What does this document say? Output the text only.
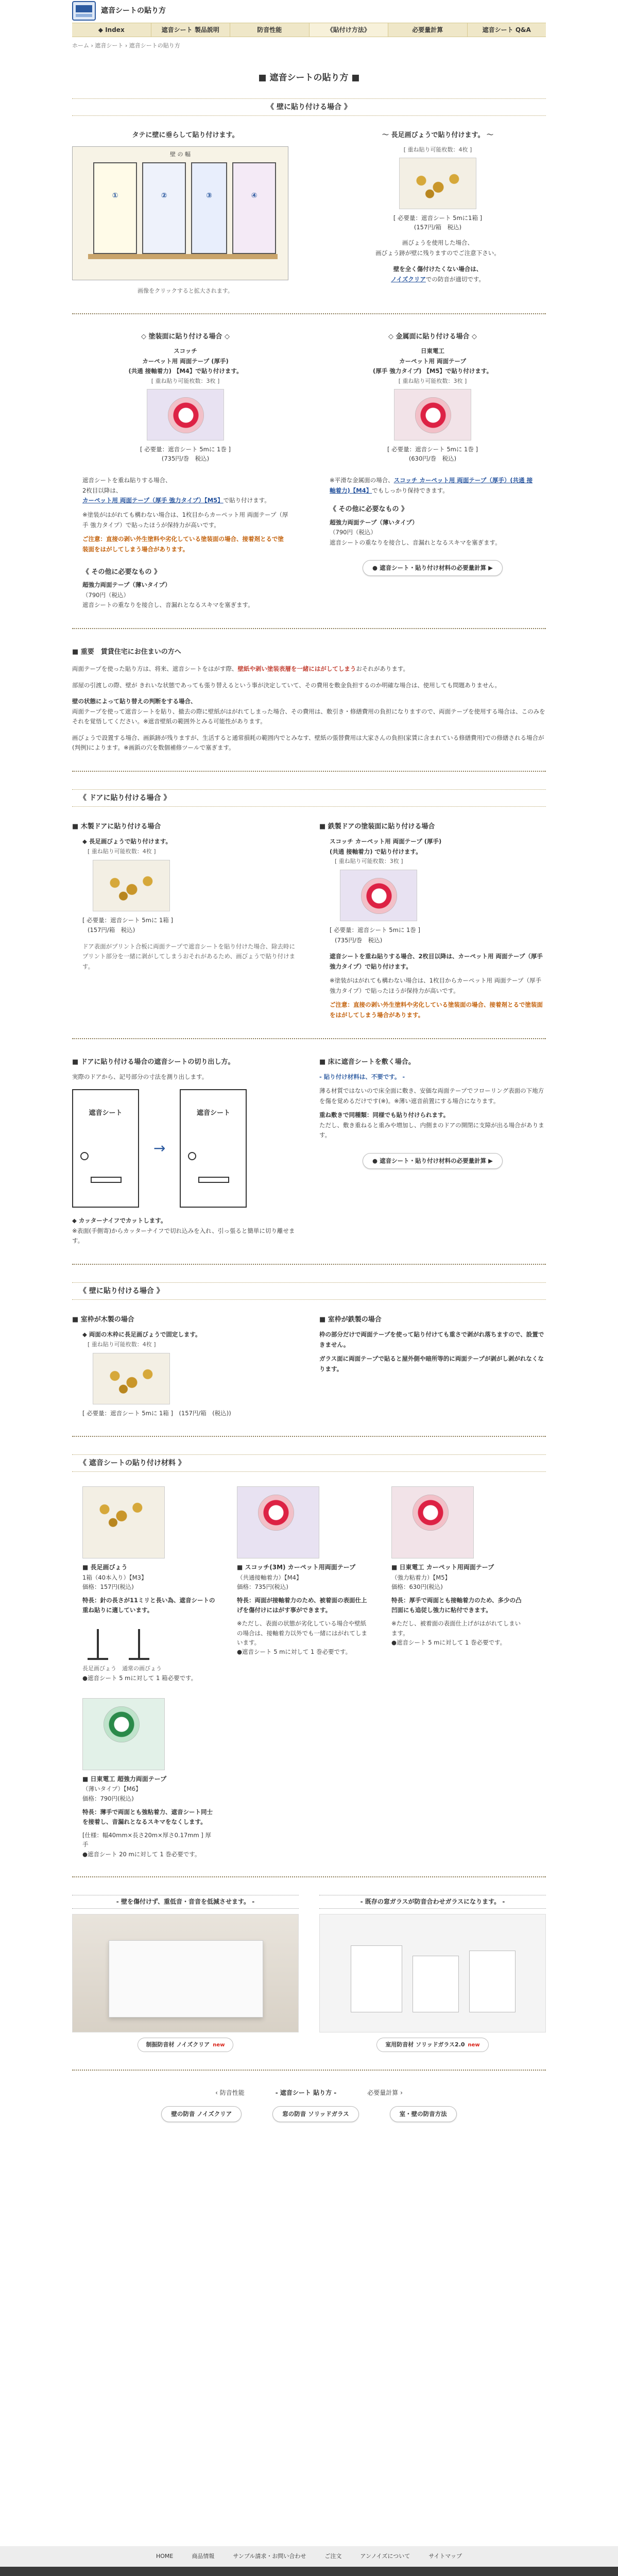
遮音シートの貼り方
◆ Index	遮音シート 製品説明	防音性能	《貼付け方法》	必要量計算	遮音シート Q&A
ホーム › 遮音シート › 遮音シートの貼り方
■ 遮音シートの貼り方 ■
《 壁に貼り付ける場合 》
タテに壁に垂らして貼り付けます。
壁 の 幅
①	②	③	④
画像をクリックすると拡大されます。
～ 長足画びょうで貼り付けます。 ～
[ 重ね貼り可能枚数：4枚 ]
[ 必要量：遮音シート 5mに1箱 ]
(157円/箱　税込)
画びょうを使用した場合、
画びょう跡が壁に残りますのでご注意下さい。
壁を全く傷付けたくない場合は、
ノイズクリアでの防音が適切です。
◇ 塗装面に貼り付ける場合 ◇
スコッチ
カーペット用 両面テープ (厚手)
(共通 接軸着力) 【M4】で貼り付けます。
[ 重ね貼り可能枚数：3枚 ]
[ 必要量：遮音シート 5mに 1巻 ]
(735円/巻　税込)
遮音シートを重ね貼りする場合、
2枚目以降は、
カーペット用 両面テープ（厚手 強力タイプ）【M5】で貼り付けます。
※塗装がはがれても構わない場合は、1枚目からカーペット用 両面テープ（厚手 強力タイプ）で貼ったほうが保持力が高いです。
ご注意：直接の剥い外生塗料や劣化している塗装面の場合、接着剤とるで塗装面をはがしてしまう場合があります。
《 その他に必要なもの 》
超強力両面テープ（薄いタイプ）
（790円（税込）
遮音シートの重なりを接合し、音漏れとなるスキマを塞ぎます。
◇ 金属面に貼り付ける場合 ◇
日東電工
カーペット用 両面テープ
(厚手 強力タイプ) 【M5】で貼り付けます。
[ 重ね貼り可能枚数：3枚 ]
[ 必要量：遮音シート 5mに 1巻 ]
(630円/巻　税込)
※平滑な金属面の場合、スコッチ カーペット用 両面テープ（厚手）(共通 接軸着力)【M4】でもしっかり保持できます。
《 その他に必要なもの 》
超強力両面テープ（薄いタイプ）
（790円（税込）
遮音シートの重なりを接合し、音漏れとなるスキマを塞ぎます。
● 遮音シート・貼り付け材料の必要量計算 ▶
■ 重要　賃貸住宅にお住まいの方へ
両面テープを使った貼り方は、将来、遮音シートをはがす際、壁紙や剥い塗装表層を一緒にはがしてしまうおそれがあります。
部屋の引渡しの際、壁が きれいな状態であっても張り替えるという事が決定していて、その費用を敷金負担するのか明確な場合は、使用しても問題ありません。
壁の状態によって貼り替えの判断をする場合、
両面テープを使って遮音シートを貼り、撤去の際に壁紙がはがれてしまった場合、その費用は、敷引き・修繕費用の負担になりますので、両面テープを使用する場合は、このみをそれを覚悟してください。※遮音壁紙の範囲外とみる可能性があります。
画びょうで設置する場合、画鋲跡が残りますが、生活すると通常損耗の範囲内でとみなす、壁紙の張替費用は大家さんの負担(家賃に含まれている修繕費用)での修繕される場合が(判例)によります。※画鋲の穴を数個補修ツールで塞ぎます。
《 ドアに貼り付ける場合 》
■ 木製ドアに貼り付ける場合
◆ 長足画びょうで貼り付けます。
[ 重ね貼り可能枚数：4枚 ]
[ 必要量：遮音シート 5mに 1箱 ]
(157円/箱　税込)
ドア表面がプリント合板に両面テープで遮音シートを貼り付けた場合、除去時にプリント部分を一緒に剥がしてしまうおそれがあるため、画びょうで貼り付けます。
■ 鉄製ドアの塗装面に貼り付ける場合
スコッチ カーペット用 両面テープ (厚手)
(共通 接軸着力) で貼り付けます。
[ 重ね貼り可能枚数：3枚 ]
[ 必要量：遮音シート 5mに 1巻 ]
(735円/巻　税込)
遮音シートを重ね貼りする場合、2枚目以降は、カーペット用 両面テープ（厚手 強力タイプ）で貼り付けます。
※塗装がはがれても構わない場合は、1枚目からカーペット用 両面テープ（厚手 強力タイプ）で貼ったほうが保持力が高いです。
ご注意：直接の剥い外生塗料や劣化している塗装面の場合、接着剤とるで塗装面をはがしてしまう場合があります。
■ ドアに貼り付ける場合の遮音シートの切り出し方。
実際のドアから、記号部分の寸法を測り出します。
遮音シート
→
遮音シート
◆ カッターナイフでカットします。
※表面(手側寄)からカッターナイフで切れ込みを入れ、引っ張ると簡単に切り離せます。
■ 床に遮音シートを敷く場合。
- 貼り付け材料は、不要です。 -
薄る材質ではないので床全面に敷き、安価な両面テープでフローリング表面の下地方を傷を覚めるだけです(※)。※薄い遮音前置にする場合になります。
重ね敷きで同種類：同様でも貼り付けられます。
ただし、敷き重ねると重みや増加し、内側まのドアの開閉に支障が出る場合があります。
● 遮音シート・貼り付け材料の必要量計算 ▶
《 壁に貼り付ける場合 》
■ 室枠が木製の場合
◆ 両面の木枠に長足画びょうで固定します。
[ 重ね貼り可能枚数：4枚 ]
[ 必要量：遮音シート 5mに 1箱 ]　(157円/箱　(税込))
■ 室枠が鉄製の場合
枠の部分だけで両面テープを使って貼り付けても重さで剥がれ落ちますので、設置できません。
ガラス面に両面テープで貼ると屋外側や暗所等的に両面テープが剥がし剥がれなくなります。
《 遮音シートの貼り付け材料 》
■ 長足画びょう
1箱（40本入り）【M3】
価格：157円(税込)
特長：針の長さが11ミリと長い為、遮音シートの重ね貼りに適しています。
長足画びょう　通常の画びょう
●遮音シート 5 mに対して 1 箱必要です。
■ スコッチ(3M) カーペット用両面テープ
（共通接軸着力）【M4】
価格：735円(税込)
特長：両面が接軸着力のため、被着面の表面仕上げを傷付けにはがす事ができます。
※ただし、表面の状態が劣化している場合や壁紙の場合は、接軸着力以外でも一緒にはがれてしまいます。
●遮音シート 5 mに対して 1 巻必要です。
■ 日東電工 カーペット用両面テープ
（強力粘着力）【M5】
価格：630円(税込)
特長：厚手で両面とも接軸着力のため、多少の凸凹面にも追従し強力に粘付できます。
※ただし、被着面の表面仕上げがはがれてしまいます。
●遮音シート 5 mに対して 1 巻必要です。
■ 日東電工 超強力両面テープ
（薄いタイプ）【M6】
価格：790円(税込)
特長：薄手で両面とも強粘着力、遮音シート同士を接着し、音漏れとなるスキマをなくします。
[仕様：幅40mm×長さ20m×厚さ0.17mm ] 厚手
●遮音シート 20 mに対して 1 巻必要です。
- 壁を傷付けず、重低音・音音を低減させます。 -
制振防音材 ノイズクリア new
- 既存の窓ガラスが防音合わせガラスになります。 -
室用防音材 ソリッドガラス2.0 new
‹ 防音性能	- 遮音シート 貼り方 -	必要量計算 ›
壁の防音 ノイズクリア	窓の防音 ソリッドガラス	室・壁の防音方法
HOME	商品情報	サンプル請求・お問い合わせ	ご注文	アンノイズについて	サイトマップ
